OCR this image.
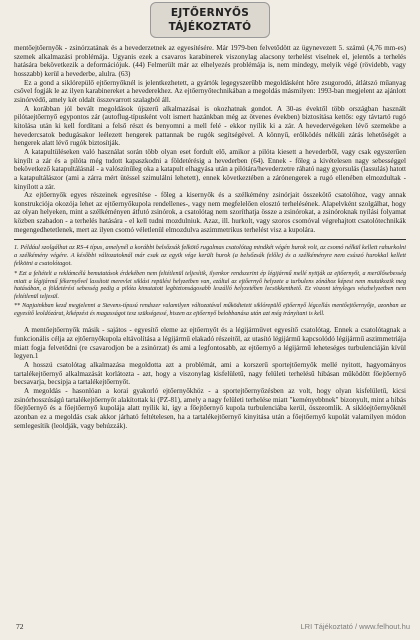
EJTŐERNYŐS
TÁJÉKOZTATÓ

mentőejtőernyők - zsinórzatának és a hevederzetnek az egyesítésére. Már 1979-ben felvetődött az ügynevezett 5. számú (4,76 mm-es) szemek alkalmazási problémája. Ugyanis ezek a csavaros karabinerek viszonylag alacsony terhelést viselnek el, jelentős a terhelés hatására bekövetkezik a deformációjuk. (44) Felmerült már az elhelyezés problémája is, nem mindegy, melyik végé (rövidebb, vagy hosszabb) kerül a hevederbe, alulra. (63)

Ez a gond a siklórepülő ejtőernyőknél is jelentkezhetett, a gyártók legegyszerűbb megoldásként hőre zsugorodó, átlátszó műanyag csővel fogják le az ilyen karabinereket a hevederekhez. Az ejtőernyőtechnikában a megoldás másmilyen: 1993-ban megjelent az ajánlott zsinórvédő, amely két oldalt összevarrott szalagból áll.

A korábban jól bevált megoldások újszerű alkalmazásai is okozhatnak gondot. A 30-as évektől több országban használt pilótaejtőernyő egypontos zár (autoflug-típusként volt ismert hazánkban még az ötvenes években) biztosítása kettős: egy távtartó rugó kitolása után ki kell fordítani a felső részt és benyomni a mell felé - ekkor nyílik ki a zár. A hevedervégeken lévő szemekbe a hevedercsatok bedugásakor leélezett hengerek pattannak be rugók segítségével. A könnyű, erőlködés nélküli zárás lehetőségét a hengerek alatt lévő rugók biztosítják.

A katapultüléseken való használat során több olyan eset fordult elő, amikor a pilóta kiesett a hevederből, vagy csak egyszerűen kinyílt a zár és a pilóta még tudott kapaszkodni a földetérésig a hevederben (64). Ennek - főleg a kivételesen nagy sebességgel bekövetkező katapultálásnál - a valószínűleg oka a katapult elhagyása után a pilótára/hevederzetre ráható nagy gyorsulás (lassulás) hatott a katapultálászor (ami a zárra mért ütéssel szimulálni lehetett), ennek következtében a zárónengerek a rugó ellenében elmozdultak - kinyílott a zár.

Az ejtőernyők egyes részeinek egyesítése - főleg a kisernyők és a szélkémény zsinórjait összekötő csatolóhoz, vagy annak konstrukciója okozója lehet az ejtőernyőkupola rendellenes-, vagy nem megfelelően elosztó terhelésének. Alapelvként szolgálhat, hogy az olyan helyeken, mint a szélkéményen átfutó zsinórok, a csatolótag nem szoríthatja össze a zsinórokat, a zsinóroknak nyílási folyamat közben szabadon - a terhelés hatására - el kell tudni mozdulniuk. Azaz, ill. hurkolt, vagy szoros csomóval végrehajtott csatolótechnikák megengedhetetlenek, mert az ilyen csomó véletlenül elmozdulva aszimmetrikus terhelést visz a kupolára.

1. Például szolgálhat az RS-4 típus, amelynél a korábbi belsőzsák felkötő rugalmas csatolótag mindkét végén hurok volt, az csomó nélkül kellett rahurkolni a szélkémény végére. A későbbi változatoknál már csak az egyik vége került hurok (a belsőzsák felőle) és a szélkéményre nem csúszó hurokkal kellett felkötni a csatolótagot.

* Ezt a feltételt a reklámcélú bemutatások érdekében nem feltétlenül teljesítik, ilyenkor rendszerint ép légijármű mellé nyitják az ejtőernyőt, a merülősebesség miatt a légijármű fékernyővel lassított merevlet siklási repülési helyzetben van, ezáltal az ejtőernyő helyzete a turbulens zónához képest nem mutatkozik meg hatásában, a földetérési sebesség pedig a pilóta kimutatott legbiztonságosabb leszálló helyzetében lecsökkenthető. Ez viszont tényleges vészhelyzetben nem feltétlenül teljesül.

** Napjainkban kezd megjelenni a Stevens-típusú rendszer valamilyen változatával működtetett siklórepülő ejtőernyő légcellás mentőejtőernyője, azonban az egyesítő leoldózárat, kiképzést és magasságot tesz szükségessé, hiszen az ejtőernyő belobbanása után azt még irányítani is kell.

A mentőejtőernyők másik - sajátos - egyesítő eleme az ejtőernyőt és a légijárművet egyesítő csatolótag. Ennek a csatolótagnak a funkcionális célja az ejtőernyőkupola eltávolítása a légijármű elakadó részeitől, az utasító légijármű kapcsolódó légijármű aszimmetriája miatt fogja felvetődni (re csavarodjon be a zsinórzat) és ami a legfontosabb, az ejtőernyő a légijármű leheteséges turbulenciáján kívül legyen.1

A hosszú csatolótag alkalmazása megoldotta azt a problémát, ami a korszerű sportejtőernyők mellé nyitott, hagyományos tartalékejtőernyő alkalmazását korlátozta - azt, hogy a viszonylag kisfelületű, nagy felületi terhelésű hibásan működött főejtőernyő becsavarja, becsipja a tartalékejtőernyőt.

A megoldás - hasonlóan a korai gyakorló ejtőernyőkhöz - a sportejtőernyőzésben az volt, hogy olyan kisfelületű, kicsi zsinórhosszúságú tartalékejtőernyőt alakítottak ki (PZ-81), amely a nagy felületi terhelése miatt "keményebbnek" bizonyult, mint a hibás főejtőernyő és a főejtőernyő kupolája alatt nyílik ki, így a főejtőernyő kupola turbulenciába kerül, összeomlik. A siklóejtőernyőknél azonban ez a megoldás csak akkor járható feltételesen, ha a tartalékejtőernyő kinyitása után a főejtőernyő kupolát valamilyen módon semlegesítik (leoldják, vagy behúzzák).

72	LRI Tájékoztató / www.felhout.hu
